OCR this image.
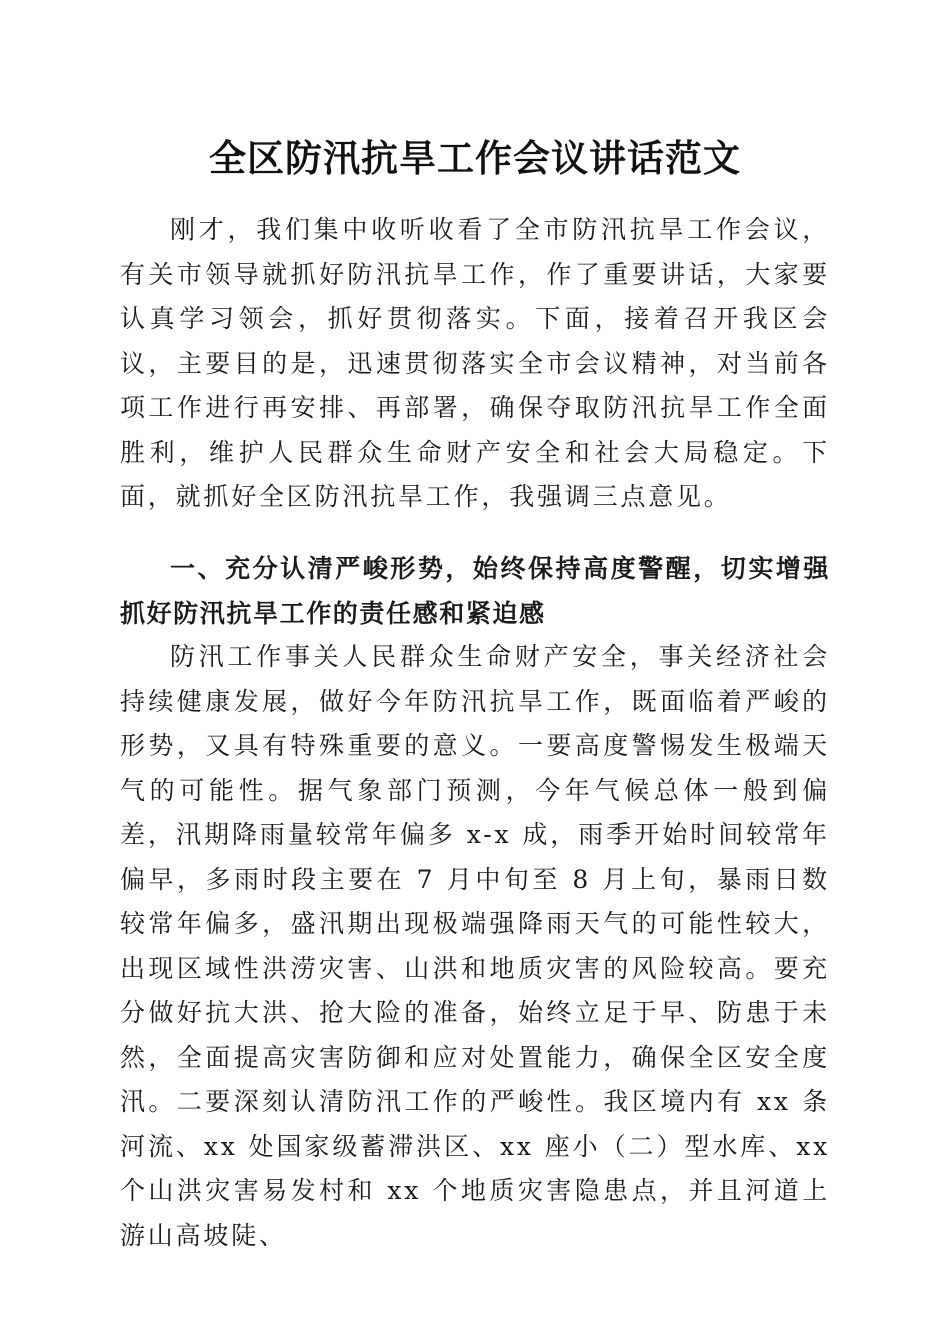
全区防汛抗旱工作会议讲话范文

刚才，我们集中收听收看了全市防汛抗旱工作会议，有关市领导就抓好防汛抗旱工作，作了重要讲话，大家要认真学习领会，抓好贯彻落实。下面，接着召开我区会议，主要目的是，迅速贯彻落实全市会议精神，对当前各项工作进行再安排、再部署，确保夺取防汛抗旱工作全面胜利，维护人民群众生命财产安全和社会大局稳定。下面，就抓好全区防汛抗旱工作，我强调三点意见。

一、充分认清严峻形势，始终保持高度警醒，切实增强抓好防汛抗旱工作的责任感和紧迫感

防汛工作事关人民群众生命财产安全，事关经济社会持续健康发展，做好今年防汛抗旱工作，既面临着严峻的形势，又具有特殊重要的意义。一要高度警惕发生极端天气的可能性。据气象部门预测，今年气候总体一般到偏差，汛期降雨量较常年偏多 x-x 成，雨季开始时间较常年偏早，多雨时段主要在 7 月中旬至 8 月上旬，暴雨日数较常年偏多，盛汛期出现极端强降雨天气的可能性较大，出现区域性洪涝灾害、山洪和地质灾害的风险较高。要充分做好抗大洪、抢大险的准备，始终立足于早、防患于未然，全面提高灾害防御和应对处置能力，确保全区安全度汛。二要深刻认清防汛工作的严峻性。我区境内有 xx 条河流、xx 处国家级蓄滞洪区、xx 座小（二）型水库、xx 个山洪灾害易发村和 xx 个地质灾害隐患点，并且河道上游山高坡陡、
